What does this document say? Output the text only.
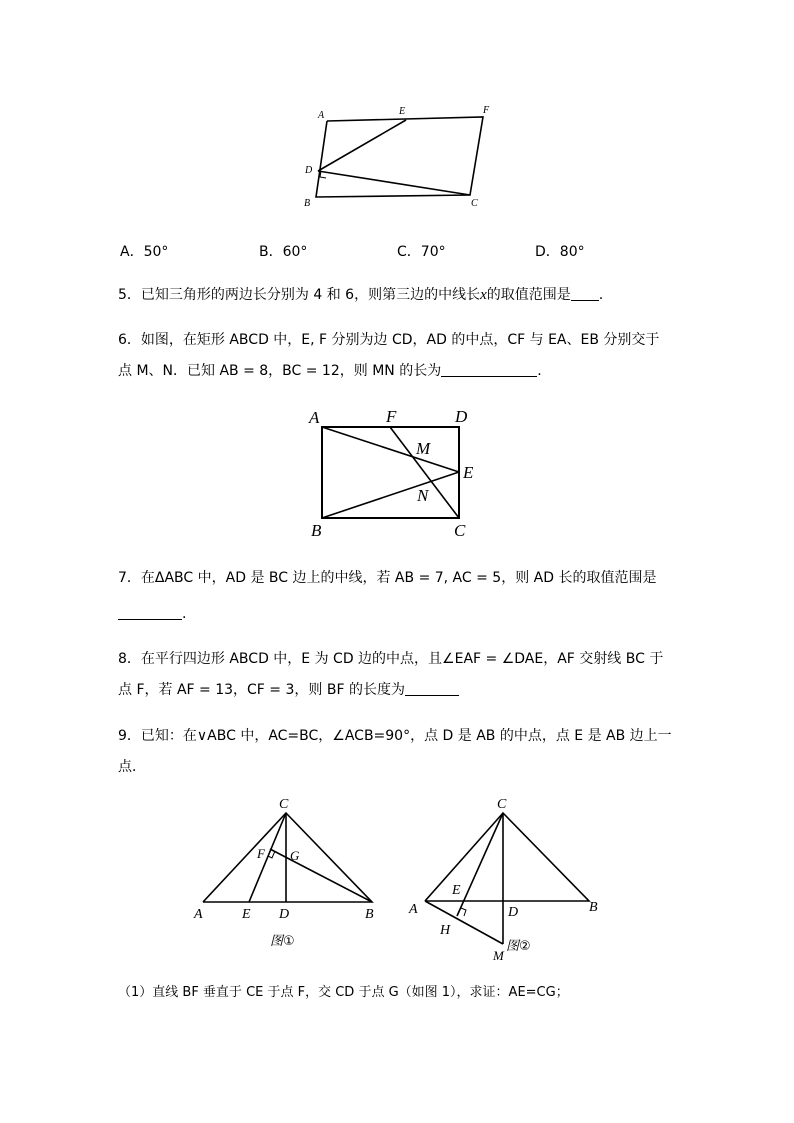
A	E	F
D
B	C
A．50°	B．60°	C．70°	D．80°
5．已知三角形的两边长分别为 4 和 6，则第三边的中线长x的取值范围是 .
6．如图，在矩形 ABCD 中，E, F 分别为边 CD，AD 的中点，CF 与 EA、EB 分别交于
点 M、N．已知 AB = 8，BC = 12，则 MN 的长为	.
A	F	D
M
E
N
B	C
7．在ΔABC 中，AD 是 BC 边上的中线，若 AB = 7, AC = 5，则 AD 长的取值范围是
.
8．在平行四边形 ABCD 中，E 为 CD 边的中点，且∠EAF = ∠DAE，AF 交射线 BC 于
点 F，若 AF = 13，CF = 3，则 BF 的长度为
9．已知：在∨ABC 中，AC=BC，∠ACB=90°，点 D 是 AB 的中点，点 E 是 AB 边上一
点．
C
F G
A	E D	B
图①
C
E
A	D	B
H
M
图②
（1）直线 BF 垂直于 CE 于点 F，交 CD 于点 G（如图 1），求证：AE=CG；
